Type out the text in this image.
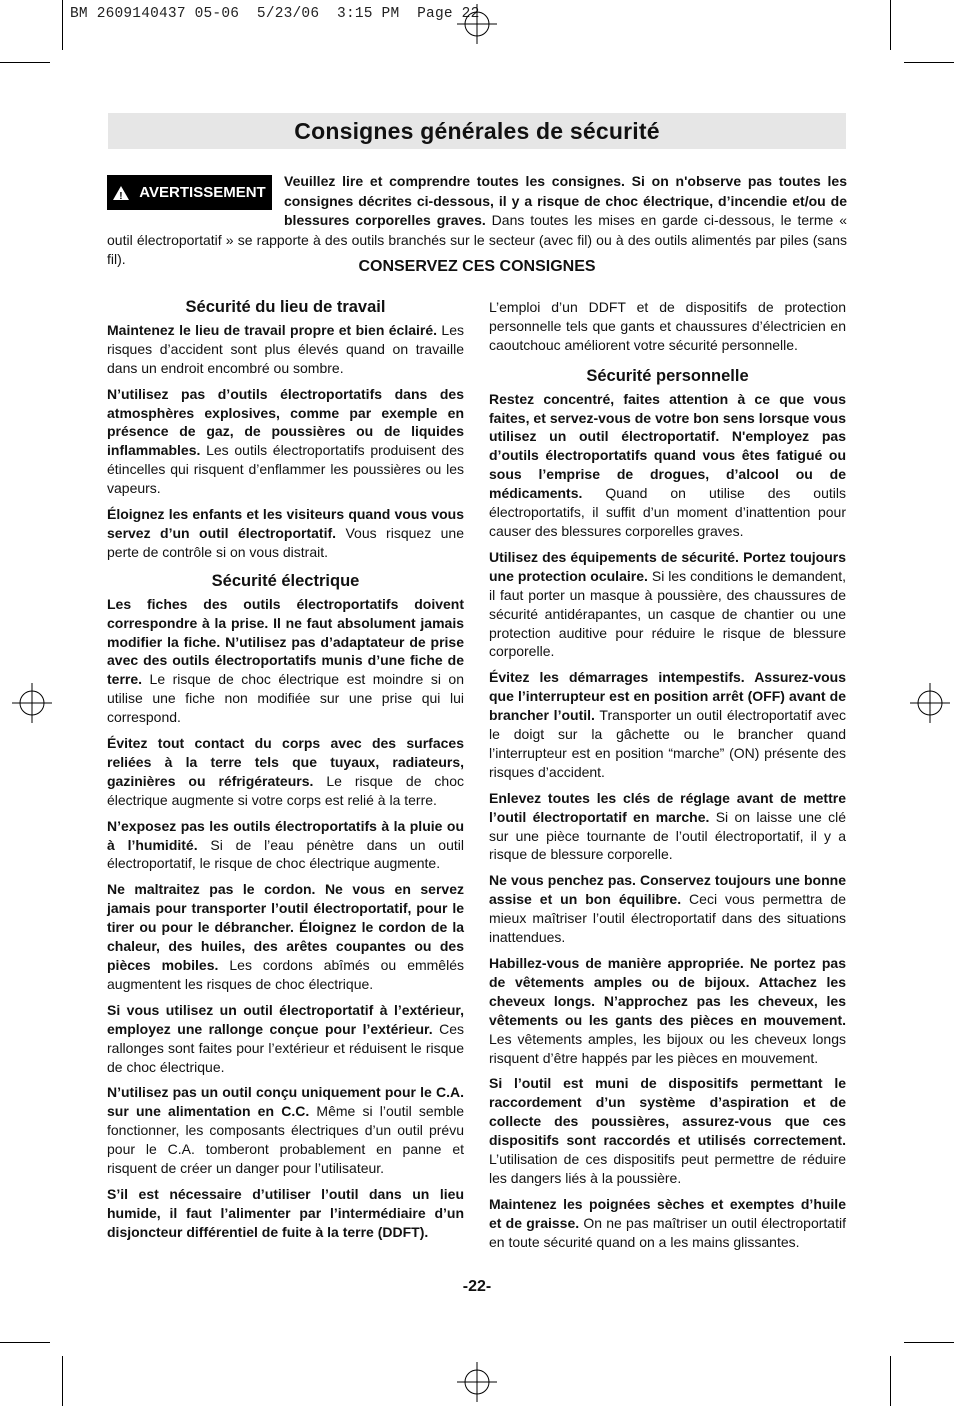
BM 2609140437 05-06  5/23/06  3:15 PM  Page 22
Consignes générales de sécurité
!
AVERTISSEMENT
Veuillez lire et comprendre toutes les consignes. Si on n'observe pas toutes les consignes décrites ci-dessous, il y a risque de choc électrique, d’incendie et/ou de blessures corporelles graves. Dans toutes les mises en garde ci-dessous, le terme « outil électroportatif » se rapporte à des outils branchés sur le secteur (avec fil) ou à des outils alimentés par piles (sans fil).	CONSERVEZ CES CONSIGNES
Sécurité du lieu de travail

Maintenez le lieu de travail propre et bien éclairé. Les risques d’accident sont plus élevés quand on travaille dans un endroit encombré ou sombre.

N’utilisez pas d’outils électroportatifs dans des atmosphères explosives, comme par exemple en présence de gaz, de poussières ou de liquides inflammables. Les outils électroportatifs produisent des étincelles qui risquent d’enflammer les poussières ou les vapeurs.

Éloignez les enfants et les visiteurs quand vous vous servez d’un outil électroportatif. Vous risquez une perte de contrôle si on vous distrait.

Sécurité électrique

Les fiches des outils électroportatifs doivent correspondre à la prise. Il ne faut absolument jamais modifier la fiche. N’utilisez pas d’adaptateur de prise avec des outils électroportatifs munis d’une fiche de terre. Le risque de choc électrique est moindre si on utilise une fiche non modifiée sur une prise qui lui correspond.

Évitez tout contact du corps avec des surfaces reliées à la terre tels que tuyaux, radiateurs, gazinières ou réfrigérateurs. Le risque de choc électrique augmente si votre corps est relié à la terre.

N’exposez pas les outils électroportatifs à la pluie ou à l’humidité. Si de l’eau pénètre dans un outil électroportatif, le risque de choc électrique augmente.

Ne maltraitez pas le cordon. Ne vous en servez jamais pour transporter l’outil électroportatif, pour le tirer ou pour le débrancher. Éloignez le cordon de la chaleur, des huiles, des arêtes coupantes ou des pièces mobiles. Les cordons abîmés ou emmêlés augmentent les risques de choc électrique.

Si vous utilisez un outil électroportatif à l’extérieur, employez une rallonge conçue pour l’extérieur. Ces rallonges sont faites pour l’extérieur et réduisent le risque de choc électrique.

N’utilisez pas un outil conçu uniquement pour le C.A. sur une alimentation en C.C. Même si l’outil semble fonctionner, les composants électriques d’un outil prévu pour le C.A. tomberont probablement en panne et risquent de créer un danger pour l’utilisateur.

S’il est nécessaire d’utiliser l’outil dans un lieu humide, il faut l’alimenter par l’intermédiaire d’un disjoncteur différentiel de fuite à la terre (DDFT).

L’emploi d’un DDFT et de dispositifs de protection personnelle tels que gants et chaussures d’électricien en caoutchouc améliorent votre sécurité personnelle.

Sécurité personnelle

Restez concentré, faites attention à ce que vous faites, et servez-vous de votre bon sens lorsque vous utilisez un outil électroportatif. N'employez pas d’outils électroportatifs quand vous êtes fatigué ou sous l’emprise de drogues, d’alcool ou de médicaments. Quand on utilise des outils électroportatifs, il suffit d’un moment d’inattention pour causer des blessures corporelles graves.

Utilisez des équipements de sécurité. Portez toujours une protection oculaire. Si les conditions le demandent, il faut porter un masque à poussière, des chaussures de sécurité antidérapantes, un casque de chantier ou une protection auditive pour réduire le risque de blessure corporelle.

Évitez les démarrages intempestifs. Assurez-vous que l’interrupteur est en position arrêt (OFF) avant de brancher l’outil. Transporter un outil électroportatif avec le doigt sur la gâchette ou le brancher quand l’interrupteur est en position “marche” (ON) présente des risques d’accident.

Enlevez toutes les clés de réglage avant de mettre l’outil électroportatif en marche. Si on laisse une clé sur une pièce tournante de l’outil électroportatif, il y a risque de blessure corporelle.

Ne vous penchez pas. Conservez toujours une bonne assise et un bon équilibre. Ceci vous permettra de mieux maîtriser l’outil électroportatif dans des situations inattendues.

Habillez-vous de manière appropriée. Ne portez pas de vêtements amples ou de bijoux. Attachez les cheveux longs. N’approchez pas les cheveux, les vêtements ou les gants des pièces en mouvement. Les vêtements amples, les bijoux ou les cheveux longs risquent d’être happés par les pièces en mouvement.

Si l’outil est muni de dispositifs permettant le raccordement d’un système d’aspiration et de collecte des poussières, assurez-vous que ces dispositifs sont raccordés et utilisés correctement. L’utilisation de ces dispositifs peut permettre de réduire les dangers liés à la poussière.

Maintenez les poignées sèches et exemptes d’huile et de graisse. On ne pas maîtriser un outil électroportatif en toute sécurité quand on a les mains glissantes.

-22-
